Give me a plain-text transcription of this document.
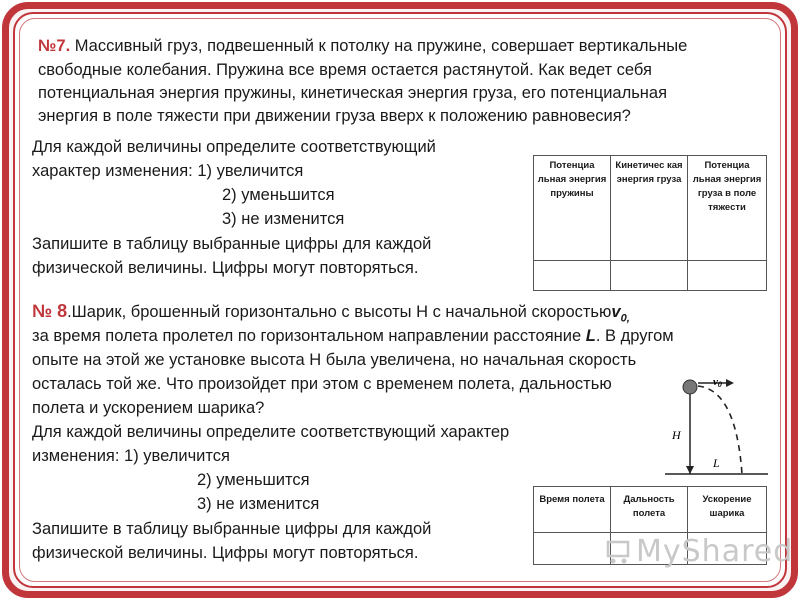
№7. Массивный груз, подвешенный к потолку на пружине, совершает вертикальные
свободные колебания. Пружина все время остается растянутой. Как ведет себя
потенциальная энергия пружины, кинетическая энергия груза, его потенциальная
энергия в поле тяжести при движении груза вверх к положению равновесия?
Для каждой величины определите соответствующий
характер изменения: 1) увеличится
2) уменьшится
3) не изменится
Запишите в таблицу выбранные цифры для каждой
физической величины. Цифры могут повторяться.
Потенциа льная энергия пружины	Кинетичес кая энергия груза	Потенциа льная энергия груза в поле тяжести

№ 8.Шарик, брошенный горизонтально с высоты Н с начальной скоростьюv$_{0,}$
за время полета пролетел по горизонтальном направлении расстояние L. В другом
опыте на этой же установке высота Н была увеличена, но начальная скорость
осталась той же. Что произойдет при этом с временем полета, дальностью
полета и ускорением шарика?
Для каждой величины определите соответствующий характер
изменения: 1) увеличится
2) уменьшится
3) не изменится
Запишите в таблицу выбранные цифры для каждой
физической величины. Цифры могут повторяться.
v0
H
L
Время полета	Дальность полета	Ускорение шарика

MyShared
